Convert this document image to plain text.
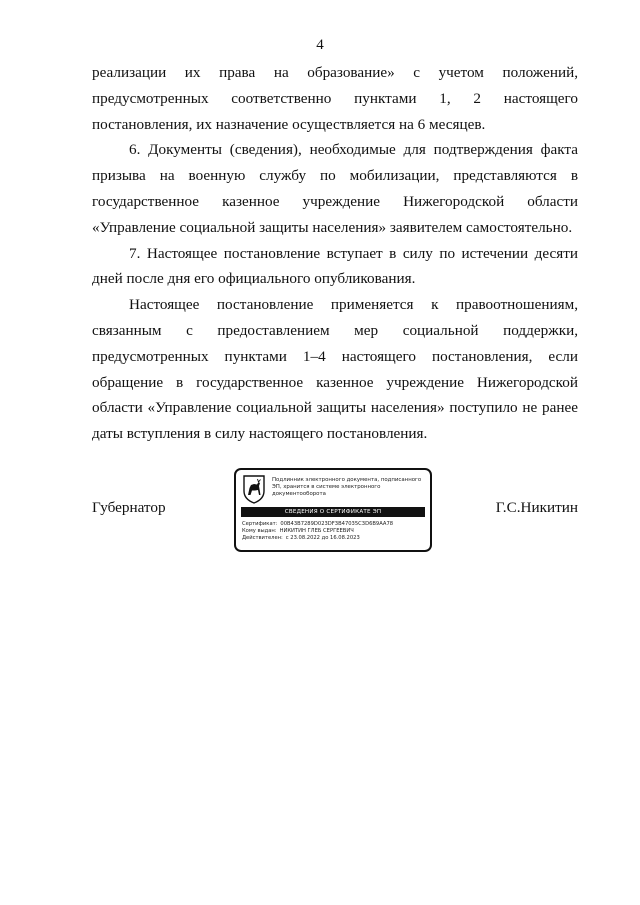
4

реализации их права на образование» с учетом положений, предусмотренных соответственно пунктами 1, 2 настоящего постановления, их назначение осуществляется на 6 месяцев.

6. Документы (сведения), необходимые для подтверждения факта призыва на военную службу по мобилизации, представляются в государственное казенное учреждение Нижегородской области «Управление социальной защиты населения» заявителем самостоятельно.

7. Настоящее постановление вступает в силу по истечении десяти дней после дня его официального опубликования.

Настоящее постановление применяется к правоотношениям, связанным с предоставлением мер социальной поддержки, предусмотренных пунктами 1–4 настоящего постановления, если обращение в государственное казенное учреждение Нижегородской области «Управление социальной защиты населения» поступило не ранее даты вступления в силу настоящего постановления.

Губернатор	Г.С.Никитин
Подлинник электронного документа, подписанного ЭП, хранится в системе электронного документооборота
СВЕДЕНИЯ О СЕРТИФИКАТЕ ЭП
Сертификат: 00B43B7289D023DF3B47035C3D6B9AA78
Кому выдан: НИКИТИН ГЛЕБ СЕРГЕЕВИЧ
Действителен: с 23.08.2022 до 16.08.2023
